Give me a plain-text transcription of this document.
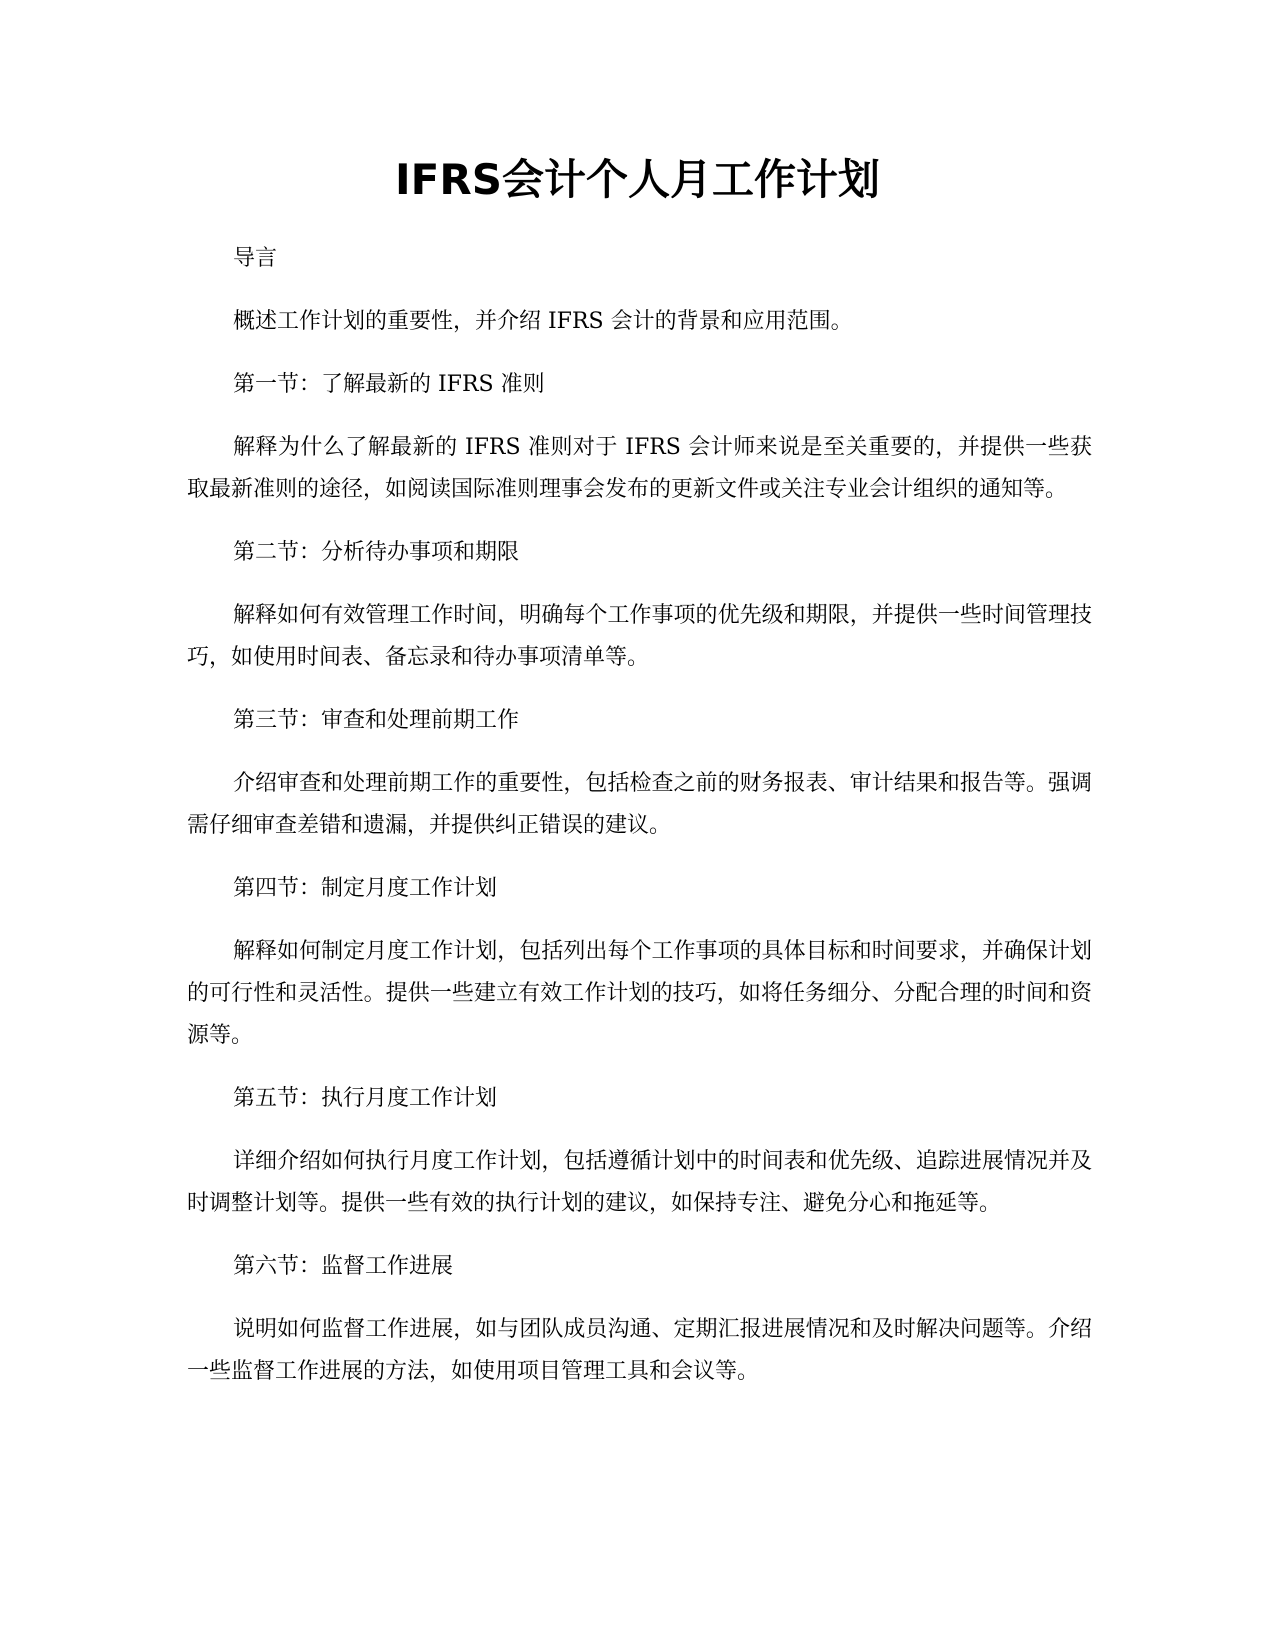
IFRS会计个人月工作计划

导言

概述工作计划的重要性，并介绍 IFRS 会计的背景和应用范围。

第一节：了解最新的 IFRS 准则

解释为什么了解最新的 IFRS 准则对于 IFRS 会计师来说是至关重要的，并提供一些获取最新准则的途径，如阅读国际准则理事会发布的更新文件或关注专业会计组织的通知等。

第二节：分析待办事项和期限

解释如何有效管理工作时间，明确每个工作事项的优先级和期限，并提供一些时间管理技巧，如使用时间表、备忘录和待办事项清单等。

第三节：审查和处理前期工作

介绍审查和处理前期工作的重要性，包括检查之前的财务报表、审计结果和报告等。强调需仔细审查差错和遗漏，并提供纠正错误的建议。

第四节：制定月度工作计划

解释如何制定月度工作计划，包括列出每个工作事项的具体目标和时间要求，并确保计划的可行性和灵活性。提供一些建立有效工作计划的技巧，如将任务细分、分配合理的时间和资源等。

第五节：执行月度工作计划

详细介绍如何执行月度工作计划，包括遵循计划中的时间表和优先级、追踪进展情况并及时调整计划等。提供一些有效的执行计划的建议，如保持专注、避免分心和拖延等。

第六节：监督工作进展

说明如何监督工作进展，如与团队成员沟通、定期汇报进展情况和及时解决问题等。介绍一些监督工作进展的方法，如使用项目管理工具和会议等。
